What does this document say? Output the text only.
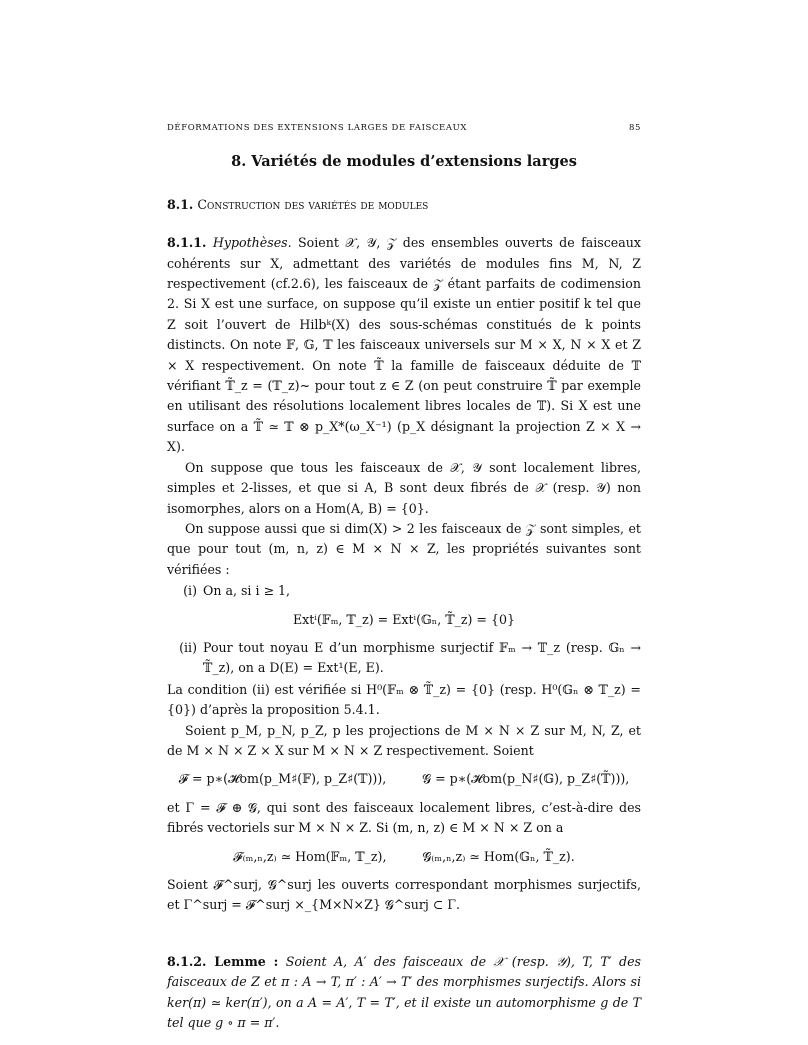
DÉFORMATIONS DES EXTENSIONS LARGES DE FAISCEAUX	85
8. Variétés de modules d’extensions larges
8.1. Construction des variétés de modules

8.1.1. Hypothèses. Soient 𝒳, 𝒴, 𝒵 des ensembles ouverts de faisceaux cohérents sur X, admettant des variétés de modules fins M, N, Z respectivement (cf.2.6), les faisceaux de 𝒵 étant parfaits de codimension 2. Si X est une surface, on suppose qu’il existe un entier positif k tel que Z soit l’ouvert de Hilbᵏ(X) des sous-schémas constitués de k points distincts. On note 𝔽, 𝔾, 𝕋 les faisceaux universels sur M × X, N × X et Z × X respectivement. On note 𝕋̃ la famille de faisceaux déduite de 𝕋 vérifiant 𝕋̃_z = (𝕋_z)~ pour tout z ∈ Z (on peut construire 𝕋̃ par exemple en utilisant des résolutions localement libres locales de 𝕋). Si X est une surface on a 𝕋̃ ≃ 𝕋 ⊗ p_X*(ω_X⁻¹) (p_X désignant la projection Z × X → X).

On suppose que tous les faisceaux de 𝒳, 𝒴 sont localement libres, simples et 2-lisses, et que si A, B sont deux fibrés de 𝒳 (resp. 𝒴) non isomorphes, alors on a Hom(A, B) = {0}.

On suppose aussi que si dim(X) > 2 les faisceaux de 𝒵 sont simples, et que pour tout (m, n, z) ∈ M × N × Z, les propriétés suivantes sont vérifiées :

(i) On a, si i ≥ 1,
Extⁱ(𝔽ₘ, 𝕋_z) = Extⁱ(𝔾ₙ, 𝕋̃_z) = {0}
(ii) Pour tout noyau E d’un morphisme surjectif 𝔽ₘ → 𝕋_z (resp. 𝔾ₙ → 𝕋̃_z), on a D(E) = Ext¹(E, E).

La condition (ii) est vérifiée si H⁰(𝔽ₘ ⊗ 𝕋̃_z) = {0} (resp. H⁰(𝔾ₙ ⊗ 𝕋_z) = {0}) d’après la proposition 5.4.1.

Soient p_M, p_N, p_Z, p les projections de M × N × Z sur M, N, Z, et de M × N × Z × X sur M × N × Z respectivement. Soient

𝓕 = p∗(𝓗om(p_M♯(𝔽), p_Z♯(𝕋))),	𝓖 = p∗(𝓗om(p_N♯(𝔾), p_Z♯(𝕋̃))),

et Γ = 𝓕 ⊕ 𝓖, qui sont des faisceaux localement libres, c’est-à-dire des fibrés vectoriels sur M × N × Z. Si (m, n, z) ∈ M × N × Z on a

𝓕₍ₘ,ₙ,z₎ ≃ Hom(𝔽ₘ, 𝕋_z),	𝓖₍ₘ,ₙ,z₎ ≃ Hom(𝔾ₙ, 𝕋̃_z).

Soient 𝓕^surj, 𝓖^surj les ouverts correspondant morphismes surjectifs, et Γ^surj = 𝓕^surj ×_{M×N×Z} 𝓖^surj ⊂ Γ.

8.1.2. Lemme : Soient A, A′ des faisceaux de 𝒳 (resp. 𝒴), T, T′ des faisceaux de Z et π : A → T, π′ : A′ → T′ des morphismes surjectifs. Alors si ker(π) ≃ ker(π′), on a A = A′, T = T′, et il existe un automorphisme g de T tel que g ∘ π = π′.
